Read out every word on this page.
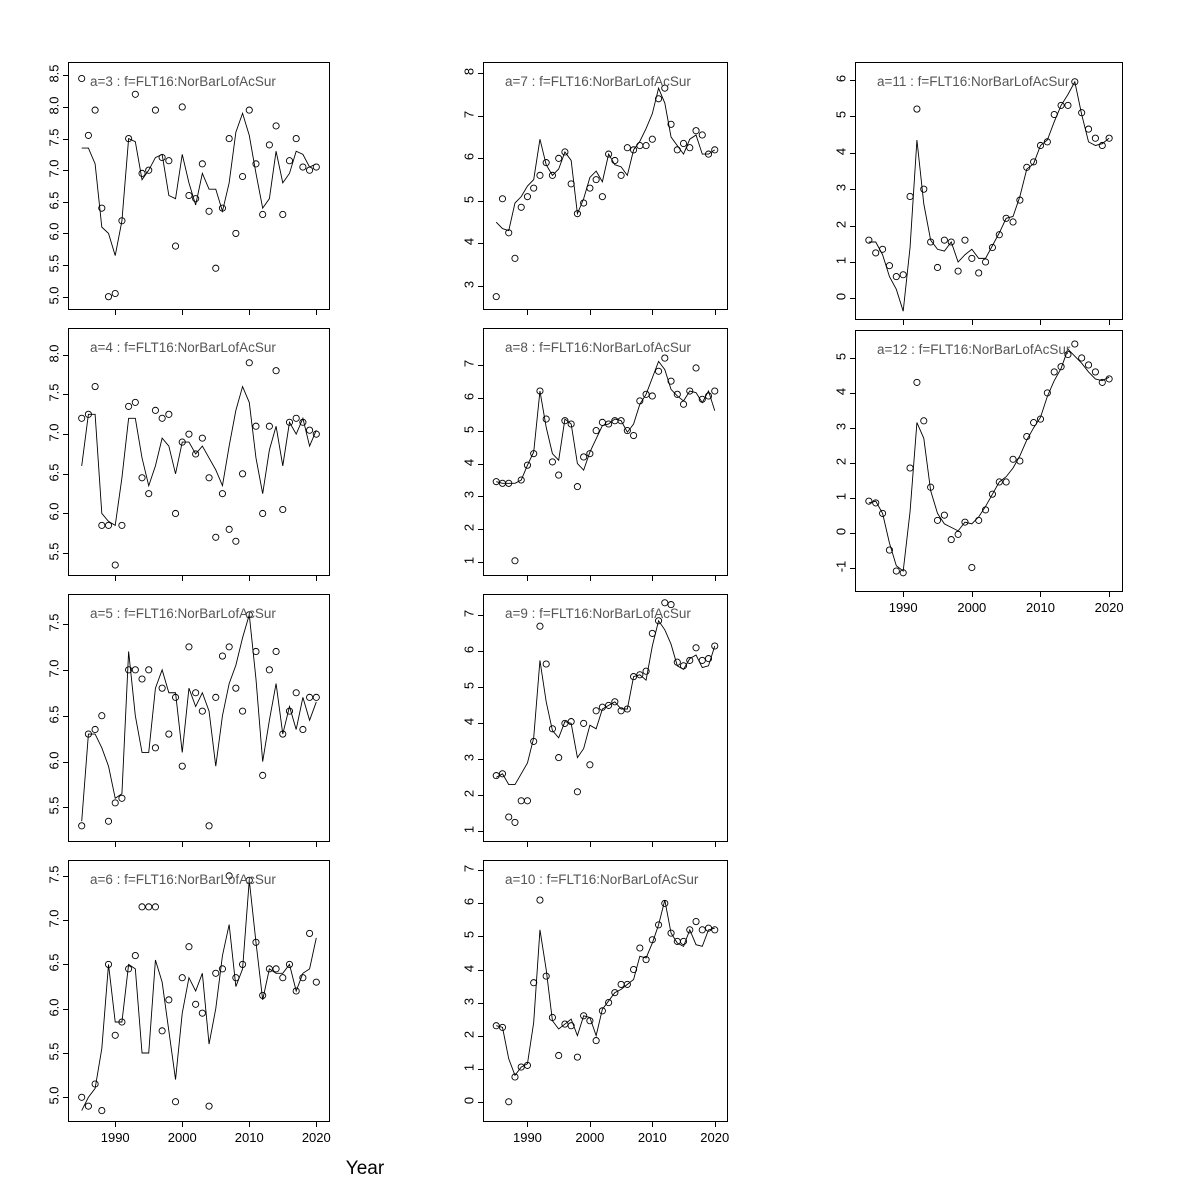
a=3 : f=FLT16:NorBarLofAcSur
5.0
5.5
6.0
6.5
7.0
7.5
8.0
8.5
a=4 : f=FLT16:NorBarLofAcSur
5.5
6.0
6.5
7.0
7.5
8.0
a=5 : f=FLT16:NorBarLofAcSur
5.5
6.0
6.5
7.0
7.5
a=6 : f=FLT16:NorBarLofAcSur
5.0
5.5
6.0
6.5
7.0
7.5
1990	2000	2010	2020
a=7 : f=FLT16:NorBarLofAcSur
3
4
5
6
7
8
a=8 : f=FLT16:NorBarLofAcSur
1
2
3
4
5
6
7
a=9 : f=FLT16:NorBarLofAcSur
1
2
3
4
5
6
7
a=10 : f=FLT16:NorBarLofAcSur
0
1
2
3
4
5
6
7
1990	2000	2010	2020
a=11 : f=FLT16:NorBarLofAcSur
0
1
2
3
4
5
6
a=12 : f=FLT16:NorBarLofAcSur
-1
0
1
2
3
4
5
1990	2000	2010	2020
Year
